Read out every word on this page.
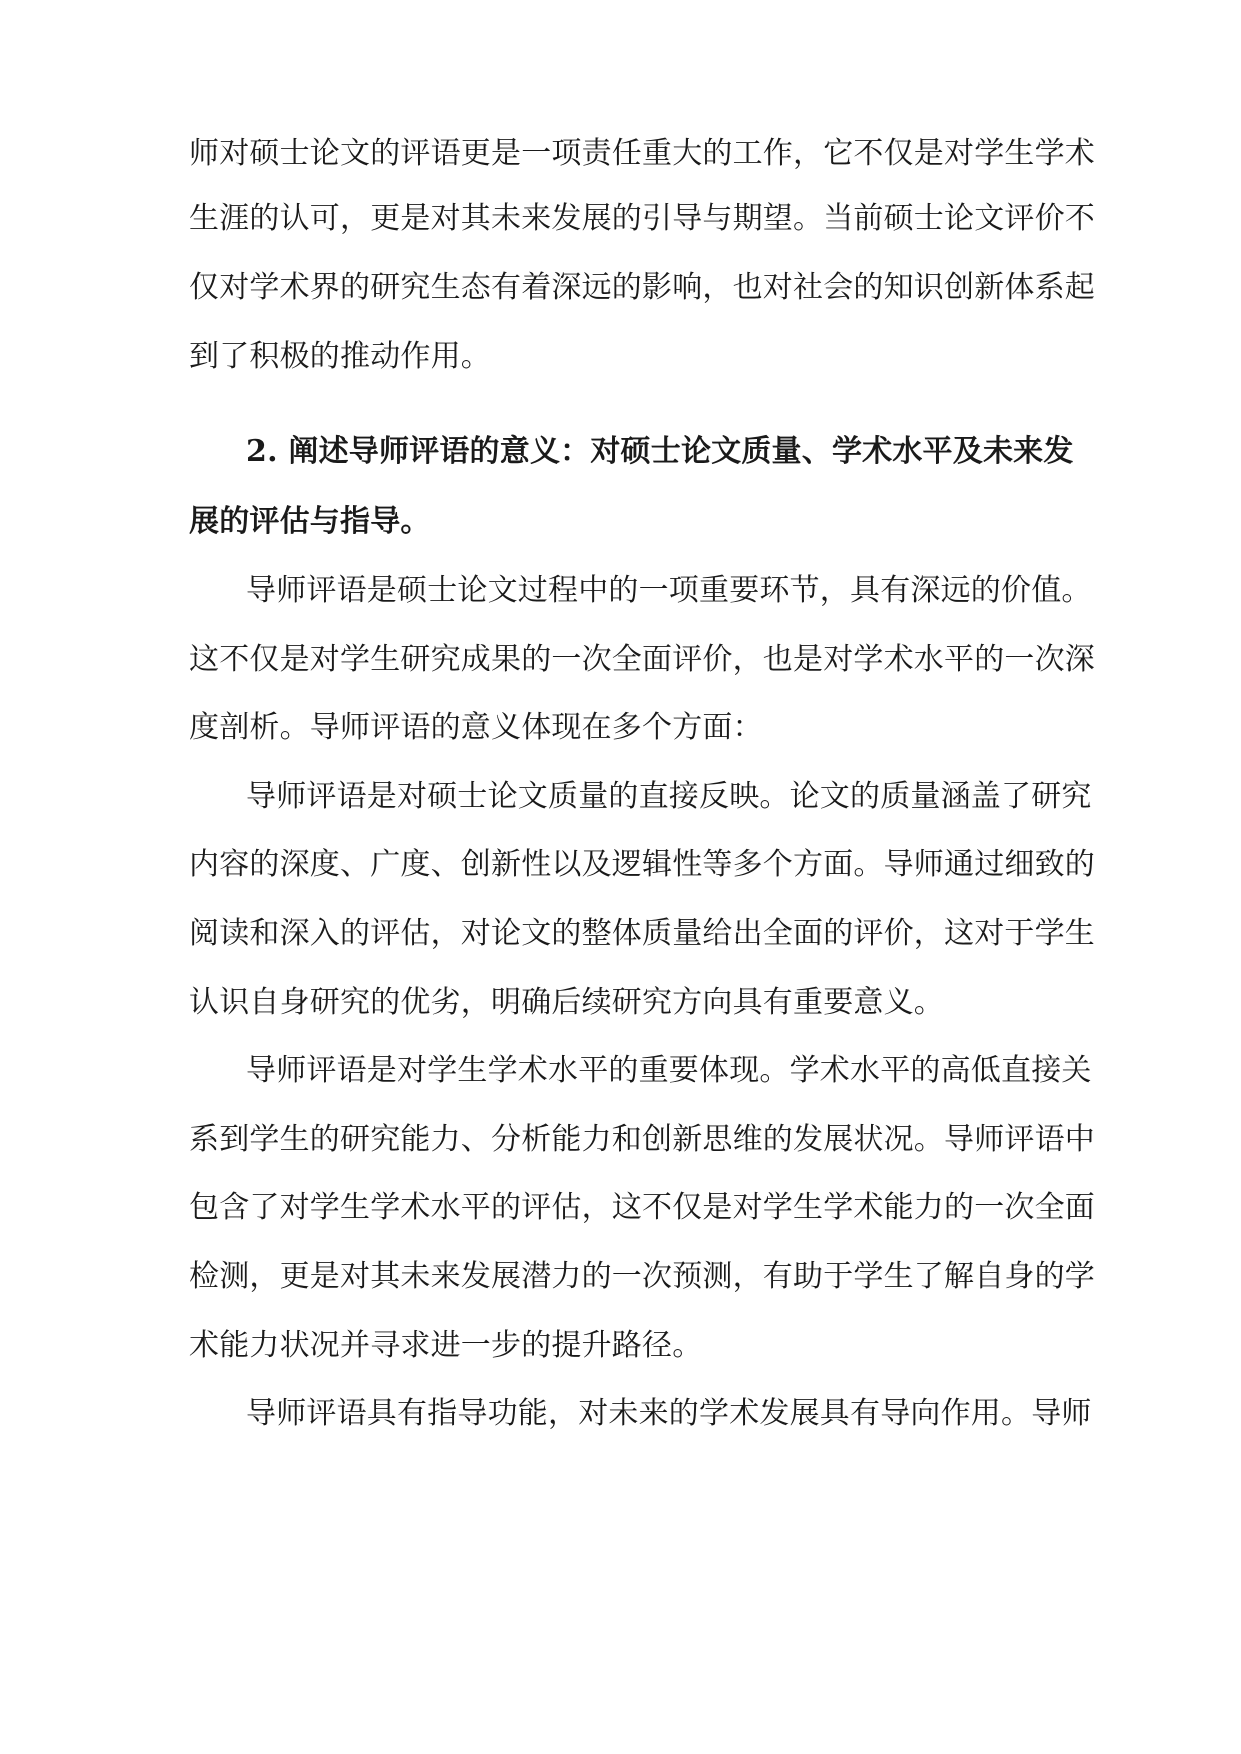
师对硕士论文的评语更是一项责任重大的工作，它不仅是对学生学术
生涯的认可，更是对其未来发展的引导与期望。当前硕士论文评价不
仅对学术界的研究生态有着深远的影响，也对社会的知识创新体系起
到了积极的推动作用。
2. 阐述导师评语的意义：对硕士论文质量、学术水平及未来发
展的评估与指导。
导师评语是硕士论文过程中的一项重要环节，具有深远的价值。
这不仅是对学生研究成果的一次全面评价，也是对学术水平的一次深
度剖析。导师评语的意义体现在多个方面：
导师评语是对硕士论文质量的直接反映。论文的质量涵盖了研究
内容的深度、广度、创新性以及逻辑性等多个方面。导师通过细致的
阅读和深入的评估，对论文的整体质量给出全面的评价，这对于学生
认识自身研究的优劣，明确后续研究方向具有重要意义。
导师评语是对学生学术水平的重要体现。学术水平的高低直接关
系到学生的研究能力、分析能力和创新思维的发展状况。导师评语中
包含了对学生学术水平的评估，这不仅是对学生学术能力的一次全面
检测，更是对其未来发展潜力的一次预测，有助于学生了解自身的学
术能力状况并寻求进一步的提升路径。
导师评语具有指导功能，对未来的学术发展具有导向作用。导师
